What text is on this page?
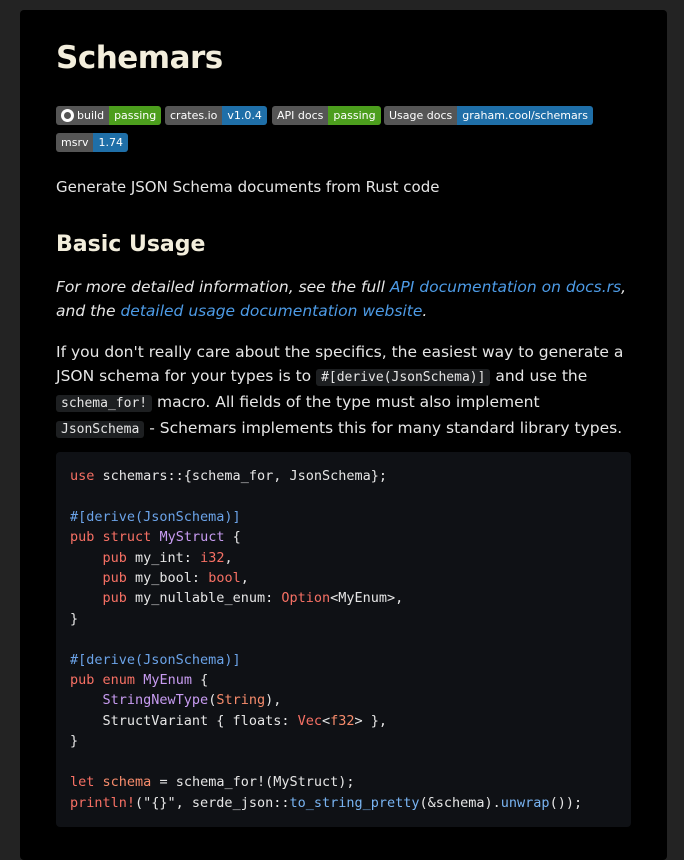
Schemars
build passing	crates.io v1.0.4	API docs passing	Usage docs graham.cool/schemars
msrv 1.74

Generate JSON Schema documents from Rust code

Basic Usage

For more detailed information, see the full API documentation on docs.rs, and the detailed usage documentation website.

If you don't really care about the specifics, the easiest way to generate a JSON schema for your types is to #[derive(JsonSchema)] and use the schema_for! macro. All fields of the type must also implement JsonSchema - Schemars implements this for many standard library types.

use schemars::{schema_for, JsonSchema};

#[derive(JsonSchema)]
pub struct MyStruct {
pub my_int: i32,
pub my_bool: bool,
pub my_nullable_enum: Option<MyEnum>,
}

#[derive(JsonSchema)]
pub enum MyEnum {
StringNewType(String),
StructVariant { floats: Vec<f32> },
}

let schema = schema_for!(MyStruct);
println!("{}", serde_json::to_string_pretty(&schema).unwrap());
